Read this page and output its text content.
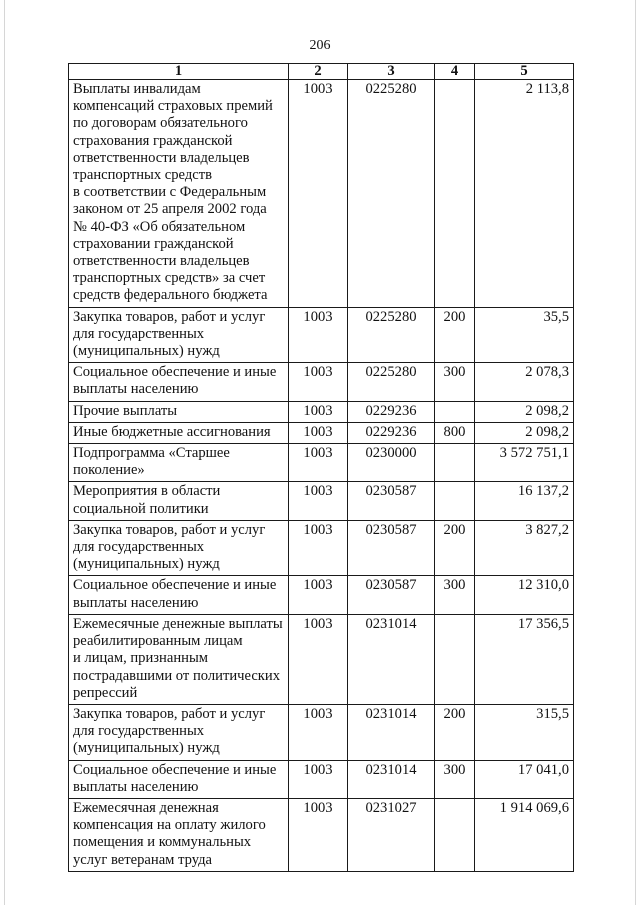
206
1	2	3	4	5
Выплаты инвалидам компенсаций страховых премий по договорам обязательного страхования гражданской ответственности владельцев транспортных средств
в соответствии с Федеральным законом от 25 апреля 2002 года № 40-ФЗ «Об обязательном страховании гражданской ответственности владельцев транспортных средств» за счет средств федерального бюджета	1003	0225280		2 113,8
Закупка товаров, работ и услуг для государственных (муниципальных) нужд	1003	0225280	200	35,5
Социальное обеспечение и иные выплаты населению	1003	0225280	300	2 078,3
Прочие выплаты	1003	0229236		2 098,2
Иные бюджетные ассигнования	1003	0229236	800	2 098,2
Подпрограмма «Старшее поколение»	1003	0230000		3 572 751,1
Мероприятия в области социальной политики	1003	0230587		16 137,2
Закупка товаров, работ и услуг для государственных (муниципальных) нужд	1003	0230587	200	3 827,2
Социальное обеспечение и иные выплаты населению	1003	0230587	300	12 310,0
Ежемесячные денежные выплаты реабилитированным лицам
и лицам, признанным пострадавшими от политических репрессий	1003	0231014		17 356,5
Закупка товаров, работ и услуг для государственных (муниципальных) нужд	1003	0231014	200	315,5
Социальное обеспечение и иные выплаты населению	1003	0231014	300	17 041,0
Ежемесячная денежная компенсация на оплату жилого помещения и коммунальных услуг ветеранам труда	1003	0231027		1 914 069,6
